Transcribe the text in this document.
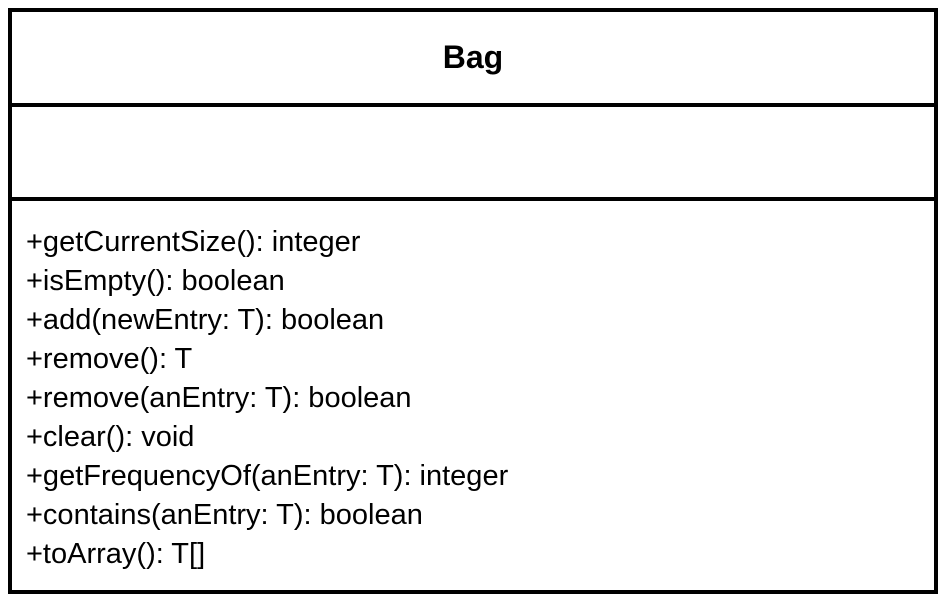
Bag
+getCurrentSize(): integer
+isEmpty(): boolean
+add(newEntry: T): boolean
+remove(): T
+remove(anEntry: T): boolean
+clear(): void
+getFrequencyOf(anEntry: T): integer
+contains(anEntry: T): boolean
+toArray(): T[]
